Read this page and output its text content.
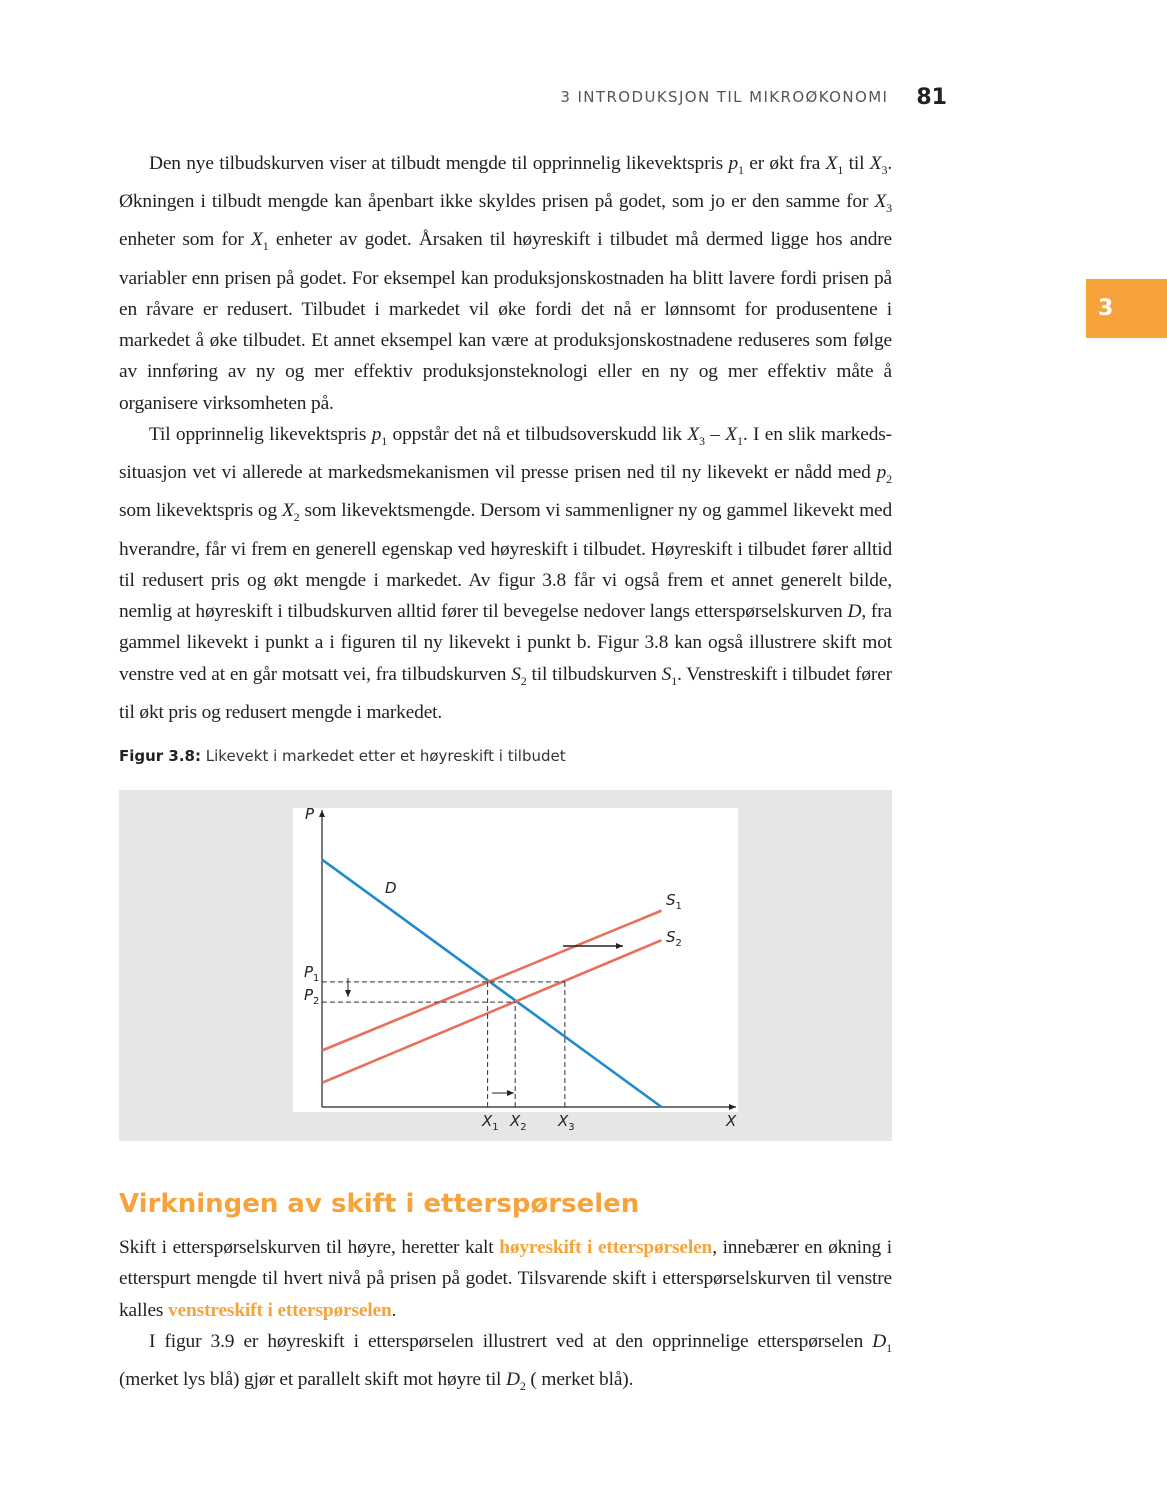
3 INTRODUKSJON TIL MIKROØKONOMI 81
3

Den nye tilbudskurven viser at tilbudt mengde til opprinnelig likevektspris $p_1$ er økt fra $X_1$ til $X_3$. Økningen i tilbudt mengde kan åpenbart ikke skyldes prisen på godet, som jo er den samme for $X_3$ enheter som for $X_1$ enheter av godet. Årsaken til høyreskift i tilbudet må dermed ligge hos andre variabler enn prisen på godet. For eksempel kan produksjonskostnaden ha blitt lavere fordi prisen på en råvare er redusert. Tilbudet i markedet vil øke fordi det nå er lønnsomt for produsentene i markedet å øke tilbudet. Et annet eksempel kan være at produksjonskostnadene reduseres som følge av innføring av ny og mer effektiv produksjonsteknologi eller en ny og mer effektiv måte å organisere virksomheten på.

Til opprinnelig likevektspris $p_1$ oppstår det nå et tilbudsoverskudd lik $X_3 - X_1$. I en slik markeds-situasjon vet vi allerede at markedsmekanismen vil presse prisen ned til ny likevekt er nådd med $p_2$ som likevektspris og $X_2$ som likevektsmengde. Dersom vi sammenligner ny og gammel likevekt med hverandre, får vi frem en generell egenskap ved høyreskift i tilbudet. Høyreskift i tilbudet fører alltid til redusert pris og økt mengde i markedet. Av figur 3.8 får vi også frem et annet generelt bilde, nemlig at høyreskift i tilbudskurven alltid fører til bevegelse nedover langs etterspørselskurven D, fra gammel likevekt i punkt a i figuren til ny likevekt i punkt b. Figur 3.8 kan også illustrere skift mot venstre ved at en går motsatt vei, fra tilbudskurven $S_2$ til tilbudskurven $S_1$. Venstreskift i tilbudet fører til økt pris og redusert mengde i markedet.

Figur 3.8: Likevekt i markedet etter et høyreskift i tilbudet
P
X
D
$S_1$
$S_2$
$P_1$
$P_2$
$X_1$ $X_2$ $X_3$
Virkningen av skift i etterspørselen

Skift i etterspørselskurven til høyre, heretter kalt høyreskift i etterspørselen, innebærer en økning i etterspurt mengde til hvert nivå på prisen på godet. Tilsvarende skift i etterspørselskurven til venstre kalles venstreskift i etterspørselen.

I figur 3.9 er høyreskift i etterspørselen illustrert ved at den opprinnelige etterspørselen $D_1$ (merket lys blå) gjør et parallelt skift mot høyre til $D_2$ ( merket blå).
